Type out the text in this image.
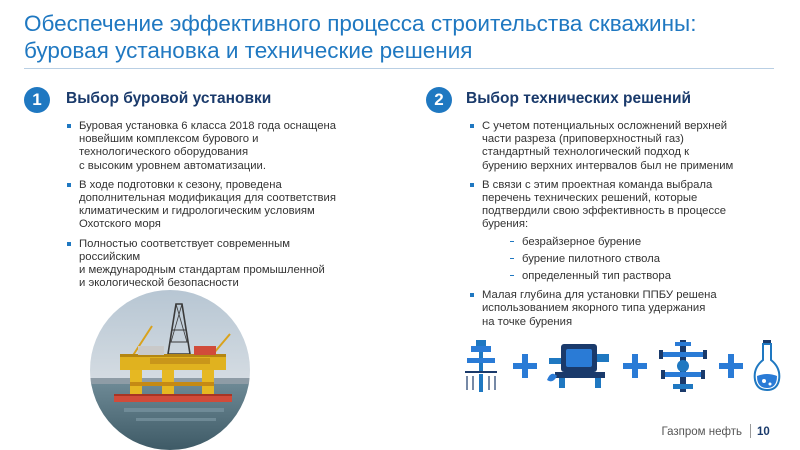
Обеспечение эффективного процесса строительства скважины:
буровая установка и технические решения
1	Выбор буровой установки
Буровая установка 6 класса 2018 года оснащена
новейшим комплексом бурового и
технологического оборудования
с высоким уровнем автоматизации.
В ходе подготовки к сезону, проведена
дополнительная модификация для соответствия
климатическим и гидрологическим условиям
Охотского моря
Полностью соответствует современным
российским
и международным стандартам промышленной
и экологической безопасности
2	Выбор технических решений
С учетом потенциальных осложнений верхней
части разреза (приповерхностный газ)
стандартный технологический подход к
бурению верхних интервалов был не применим
В связи с этим проектная команда выбрала
перечень технических решений, которые
подтвердили свою эффективность в процессе
бурения:
безрайзерное бурение
бурение пилотного ствола
определенный тип раствора
Малая глубина для установки ППБУ решена
использованием якорного типа удержания
на точке бурения
Газпром нефть 10
